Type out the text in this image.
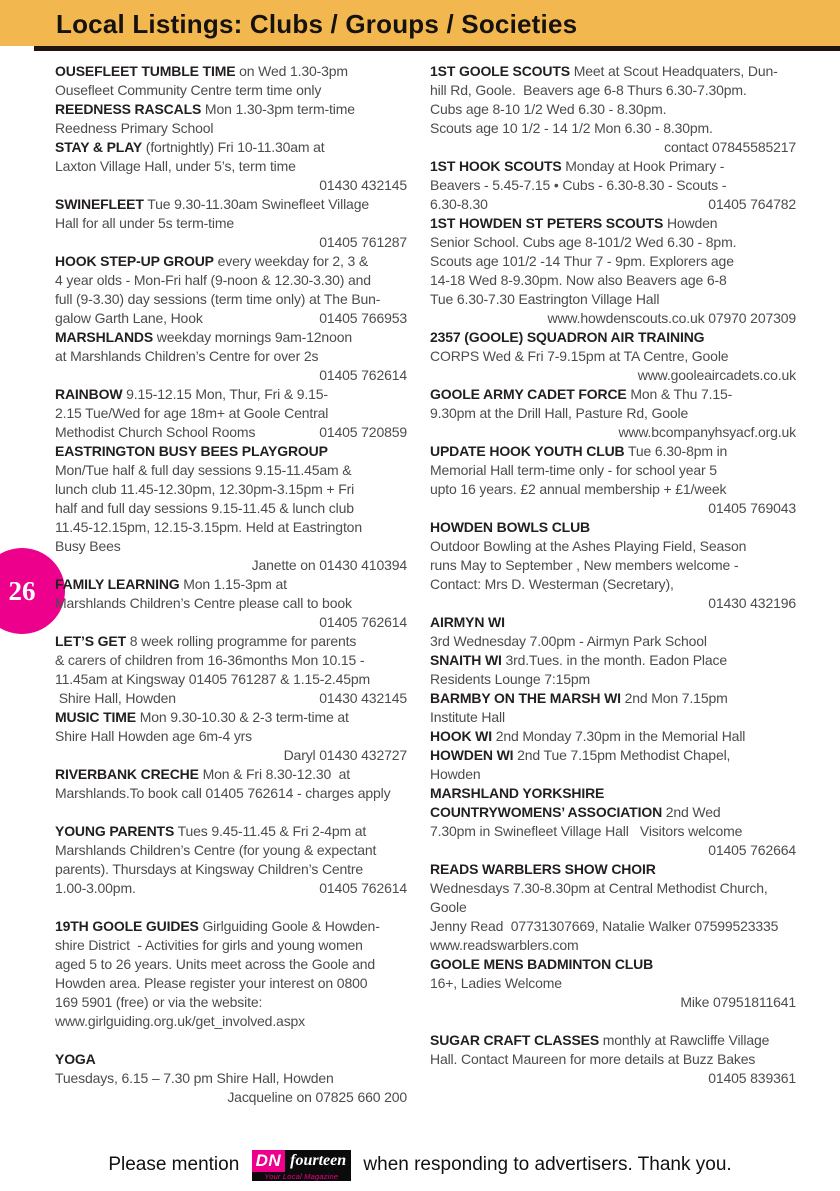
Local Listings: Clubs / Groups / Societies
26
OUSEFLEET TUMBLE TIME on Wed 1.30-3pm
Ousefleet Community Centre term time only
REEDNESS RASCALS Mon 1.30-3pm term-time
Reedness Primary School
STAY & PLAY (fortnightly) Fri 10-11.30am at
Laxton Village Hall, under 5’s, term time
01430 432145
SWINEFLEET Tue 9.30-11.30am Swinefleet Village
Hall for all under 5s term-time
01405 761287
HOOK STEP-UP GROUP every weekday for 2, 3 &
4 year olds - Mon-Fri half (9-noon & 12.30-3.30) and
full (9-3.30) day sessions (term time only) at The Bun-
galow Garth Lane, Hook	01405 766953
MARSHLANDS weekday mornings 9am-12noon
at Marshlands Children’s Centre for over 2s
01405 762614
RAINBOW 9.15-12.15 Mon, Thur, Fri & 9.15-
2.15 Tue/Wed for age 18m+ at Goole Central
Methodist Church School Rooms	01405 720859
EASTRINGTON BUSY BEES PLAYGROUP
Mon/Tue half & full day sessions 9.15-11.45am &
lunch club 11.45-12.30pm, 12.30pm-3.15pm + Fri
half and full day sessions 9.15-11.45 & lunch club
11.45-12.15pm, 12.15-3.15pm. Held at Eastrington
Busy Bees
Janette on 01430 410394
FAMILY LEARNING Mon 1.15-3pm at
Marshlands Children’s Centre please call to book
01405 762614
LET’S GET 8 week rolling programme for parents
& carers of children from 16-36months Mon 10.15 -
11.45am at Kingsway 01405 761287 & 1.15-2.45pm
Shire Hall, Howden	01430 432145
MUSIC TIME Mon 9.30-10.30 & 2-3 term-time at
Shire Hall Howden age 6m-4 yrs
Daryl 01430 432727
RIVERBANK CRECHE Mon & Fri 8.30-12.30  at
Marshlands.To book call 01405 762614 - charges apply

YOUNG PARENTS Tues 9.45-11.45 & Fri 2-4pm at
Marshlands Children’s Centre (for young & expectant
parents). Thursdays at Kingsway Children’s Centre
1.00-3.00pm.	01405 762614

19TH GOOLE GUIDES Girlguiding Goole & Howden-
shire District  - Activities for girls and young women
aged 5 to 26 years. Units meet across the Goole and
Howden area. Please register your interest on 0800
169 5901 (free) or via the website:
www.girlguiding.org.uk/get_involved.aspx

YOGA
Tuesdays, 6.15 – 7.30 pm Shire Hall, Howden
Jacqueline on 07825 660 200
1ST GOOLE SCOUTS Meet at Scout Headquaters, Dun-
hill Rd, Goole.  Beavers age 6-8 Thurs 6.30-7.30pm.
Cubs age 8-10 1/2 Wed 6.30 - 8.30pm.
Scouts age 10 1/2 - 14 1/2 Mon 6.30 - 8.30pm.
contact 07845585217
1ST HOOK SCOUTS Monday at Hook Primary -
Beavers - 5.45-7.15 • Cubs - 6.30-8.30 - Scouts -
6.30-8.30	01405 764782
1ST HOWDEN ST PETERS SCOUTS Howden
Senior School. Cubs age 8-101/2 Wed 6.30 - 8pm.
Scouts age 101/2 -14 Thur 7 - 9pm. Explorers age
14-18 Wed 8-9.30pm. Now also Beavers age 6-8
Tue 6.30-7.30 Eastrington Village Hall
www.howdenscouts.co.uk 07970 207309
2357 (GOOLE) SQUADRON AIR TRAINING
CORPS Wed & Fri 7-9.15pm at TA Centre, Goole
www.gooleaircadets.co.uk
GOOLE ARMY CADET FORCE Mon & Thu 7.15-
9.30pm at the Drill Hall, Pasture Rd, Goole
www.bcompanyhsyacf.org.uk
UPDATE HOOK YOUTH CLUB Tue 6.30-8pm in
Memorial Hall term-time only - for school year 5
upto 16 years. £2 annual membership + £1/week
01405 769043
HOWDEN BOWLS CLUB
Outdoor Bowling at the Ashes Playing Field, Season
runs May to September , New members welcome -
Contact: Mrs D. Westerman (Secretary),
01430 432196
AIRMYN WI
3rd Wednesday 7.00pm - Airmyn Park School
SNAITH WI 3rd.Tues. in the month. Eadon Place
Residents Lounge 7:15pm
BARMBY ON THE MARSH WI 2nd Mon 7.15pm
Institute Hall
HOOK WI 2nd Monday 7.30pm in the Memorial Hall
HOWDEN WI 2nd Tue 7.15pm Methodist Chapel,
Howden
MARSHLAND YORKSHIRE
COUNTRYWOMENS’ ASSOCIATION 2nd Wed
7.30pm in Swinefleet Village Hall   Visitors welcome
01405 762664
READS WARBLERS SHOW CHOIR
Wednesdays 7.30-8.30pm at Central Methodist Church,
Goole
Jenny Read  07731307669, Natalie Walker 07599523335
www.readswarblers.com
GOOLE MENS BADMINTON CLUB
16+, Ladies Welcome
Mike 07951811641

SUGAR CRAFT CLASSES monthly at Rawcliffe Village
Hall. Contact Maureen for more details at Buzz Bakes
01405 839361
Please mention DN fourteen
Your Local Magazine
when responding to advertisers. Thank you.
